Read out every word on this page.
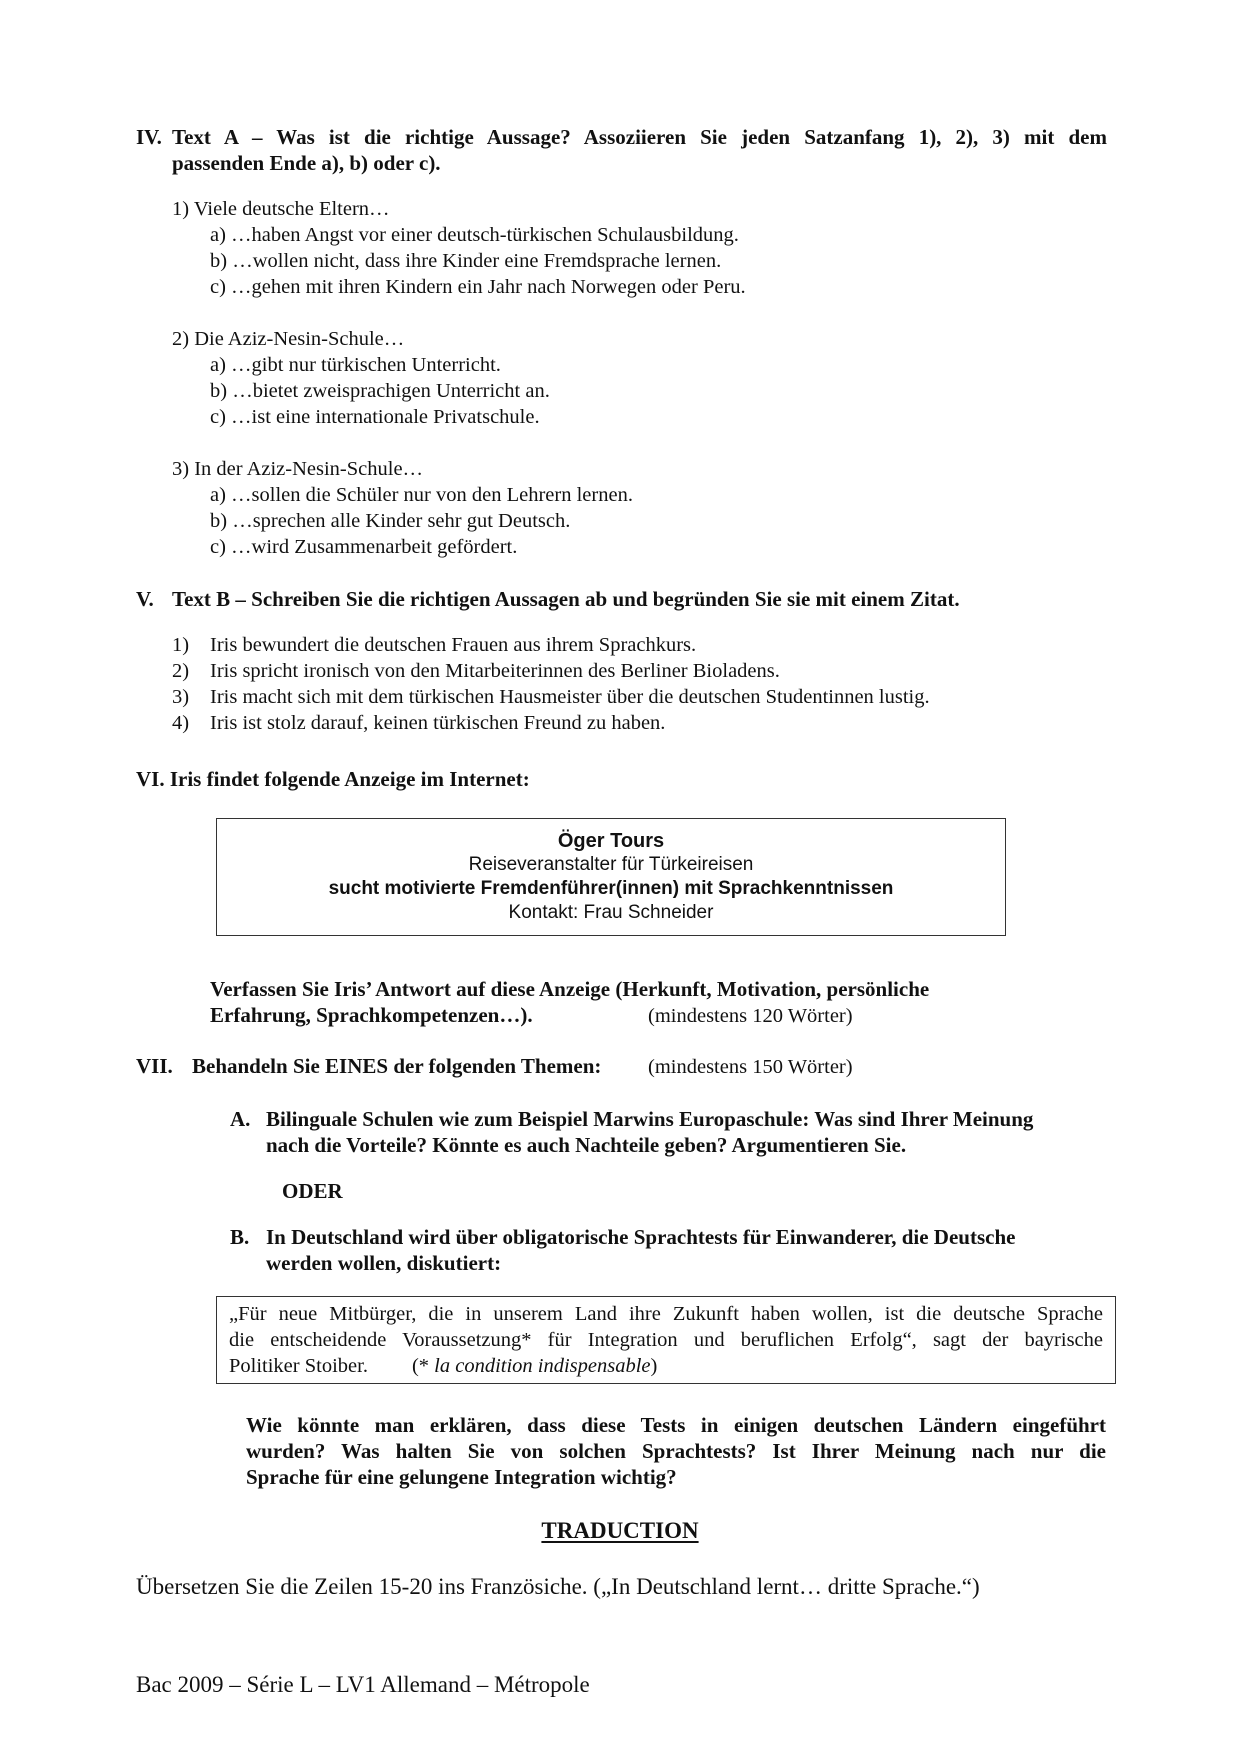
IV. Text A – Was ist die richtige Aussage? Assoziieren Sie jeden Satzanfang 1), 2), 3) mit dem
passenden Ende a), b) oder c).
1) Viele deutsche Eltern…
a) …haben Angst vor einer deutsch-türkischen Schulausbildung.
b) …wollen nicht, dass ihre Kinder eine Fremdsprache lernen.
c) …gehen mit ihren Kindern ein Jahr nach Norwegen oder Peru.
2) Die Aziz-Nesin-Schule…
a) …gibt nur türkischen Unterricht.
b) …bietet zweisprachigen Unterricht an.
c) …ist eine internationale Privatschule.
3) In der Aziz-Nesin-Schule…
a) …sollen die Schüler nur von den Lehrern lernen.
b) …sprechen alle Kinder sehr gut Deutsch.
c) …wird Zusammenarbeit gefördert.
V. Text B – Schreiben Sie die richtigen Aussagen ab und begründen Sie sie mit einem Zitat.
1) Iris bewundert die deutschen Frauen aus ihrem Sprachkurs.
2) Iris spricht ironisch von den Mitarbeiterinnen des Berliner Bioladens.
3) Iris macht sich mit dem türkischen Hausmeister über die deutschen Studentinnen lustig.
4) Iris ist stolz darauf, keinen türkischen Freund zu haben.
VI. Iris findet folgende Anzeige im Internet:
Öger Tours
Reiseveranstalter für Türkeireisen
sucht motivierte Fremdenführer(innen) mit Sprachkenntnissen
Kontakt: Frau Schneider
Verfassen Sie Iris’ Antwort auf diese Anzeige (Herkunft, Motivation, persönliche
Erfahrung, Sprachkompetenzen…).	(mindestens 120 Wörter)
VII. Behandeln Sie EINES der folgenden Themen: (mindestens 150 Wörter)
A. Bilinguale Schulen wie zum Beispiel Marwins Europaschule: Was sind Ihrer Meinung
nach die Vorteile? Könnte es auch Nachteile geben? Argumentieren Sie.
ODER
B. In Deutschland wird über obligatorische Sprachtests für Einwanderer, die Deutsche
werden wollen, diskutiert:
„Für neue Mitbürger, die in unserem Land ihre Zukunft haben wollen, ist die deutsche Sprache
die entscheidende Voraussetzung* für Integration und beruflichen Erfolg“, sagt der bayrische
Politiker Stoiber. (* la condition indispensable)
Wie könnte man erklären, dass diese Tests in einigen deutschen Ländern eingeführt
wurden? Was halten Sie von solchen Sprachtests? Ist Ihrer Meinung nach nur die
Sprache für eine gelungene Integration wichtig?
TRADUCTION
Übersetzen Sie die Zeilen 15-20 ins Französiche. („In Deutschland lernt… dritte Sprache.“)
Bac 2009 – Série L – LV1 Allemand – Métropole
